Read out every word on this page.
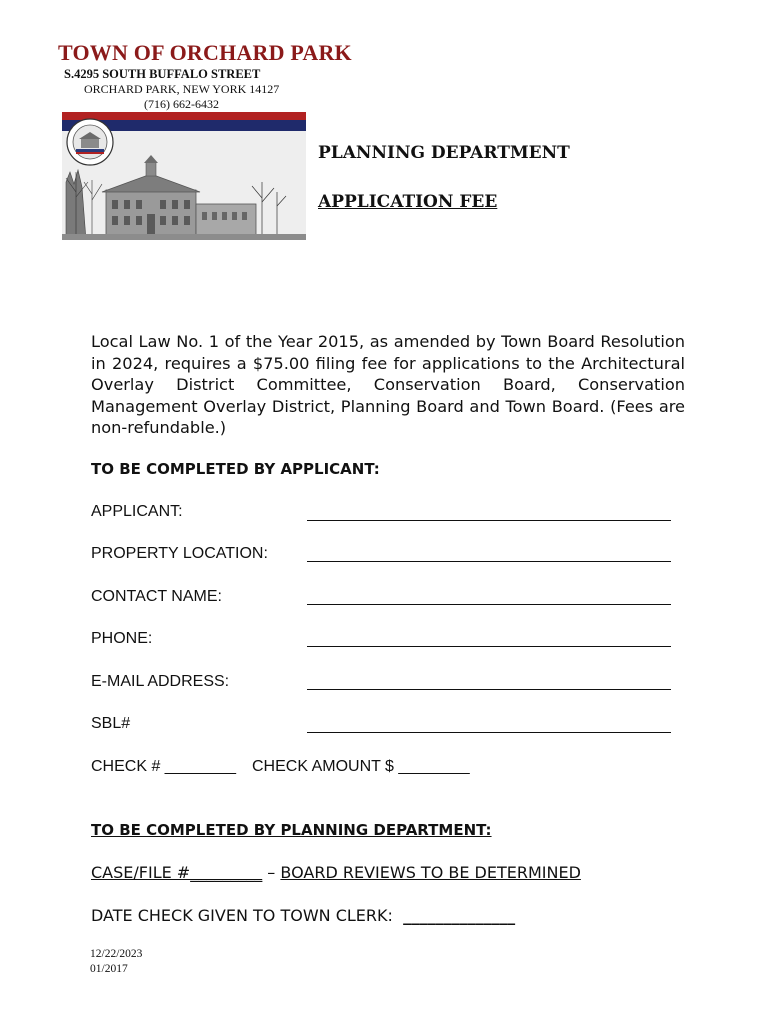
TOWN OF ORCHARD PARK
S.4295 SOUTH BUFFALO STREET
ORCHARD PARK, NEW YORK 14127
(716) 662-6432
PLANNING DEPARTMENT
APPLICATION FEE
Local Law No. 1 of the Year 2015, as amended by Town Board Resolution in 2024, requires a $75.00 filing fee for applications to the Architectural Overlay District Committee, Conservation Board, Conservation Management Overlay District, Planning Board and Town Board. (Fees are non-refundable.)
TO BE COMPLETED BY APPLICANT:
APPLICANT:
PROPERTY LOCATION:
CONTACT NAME:
PHONE:
E-MAIL ADDRESS:
SBL#
CHECK # ________ CHECK AMOUNT $ ________
TO BE COMPLETED BY PLANNING DEPARTMENT:
CASE/FILE #_________ – BOARD REVIEWS TO BE DETERMINED
DATE CHECK GIVEN TO TOWN CLERK:  ______________
12/22/2023
01/2017
